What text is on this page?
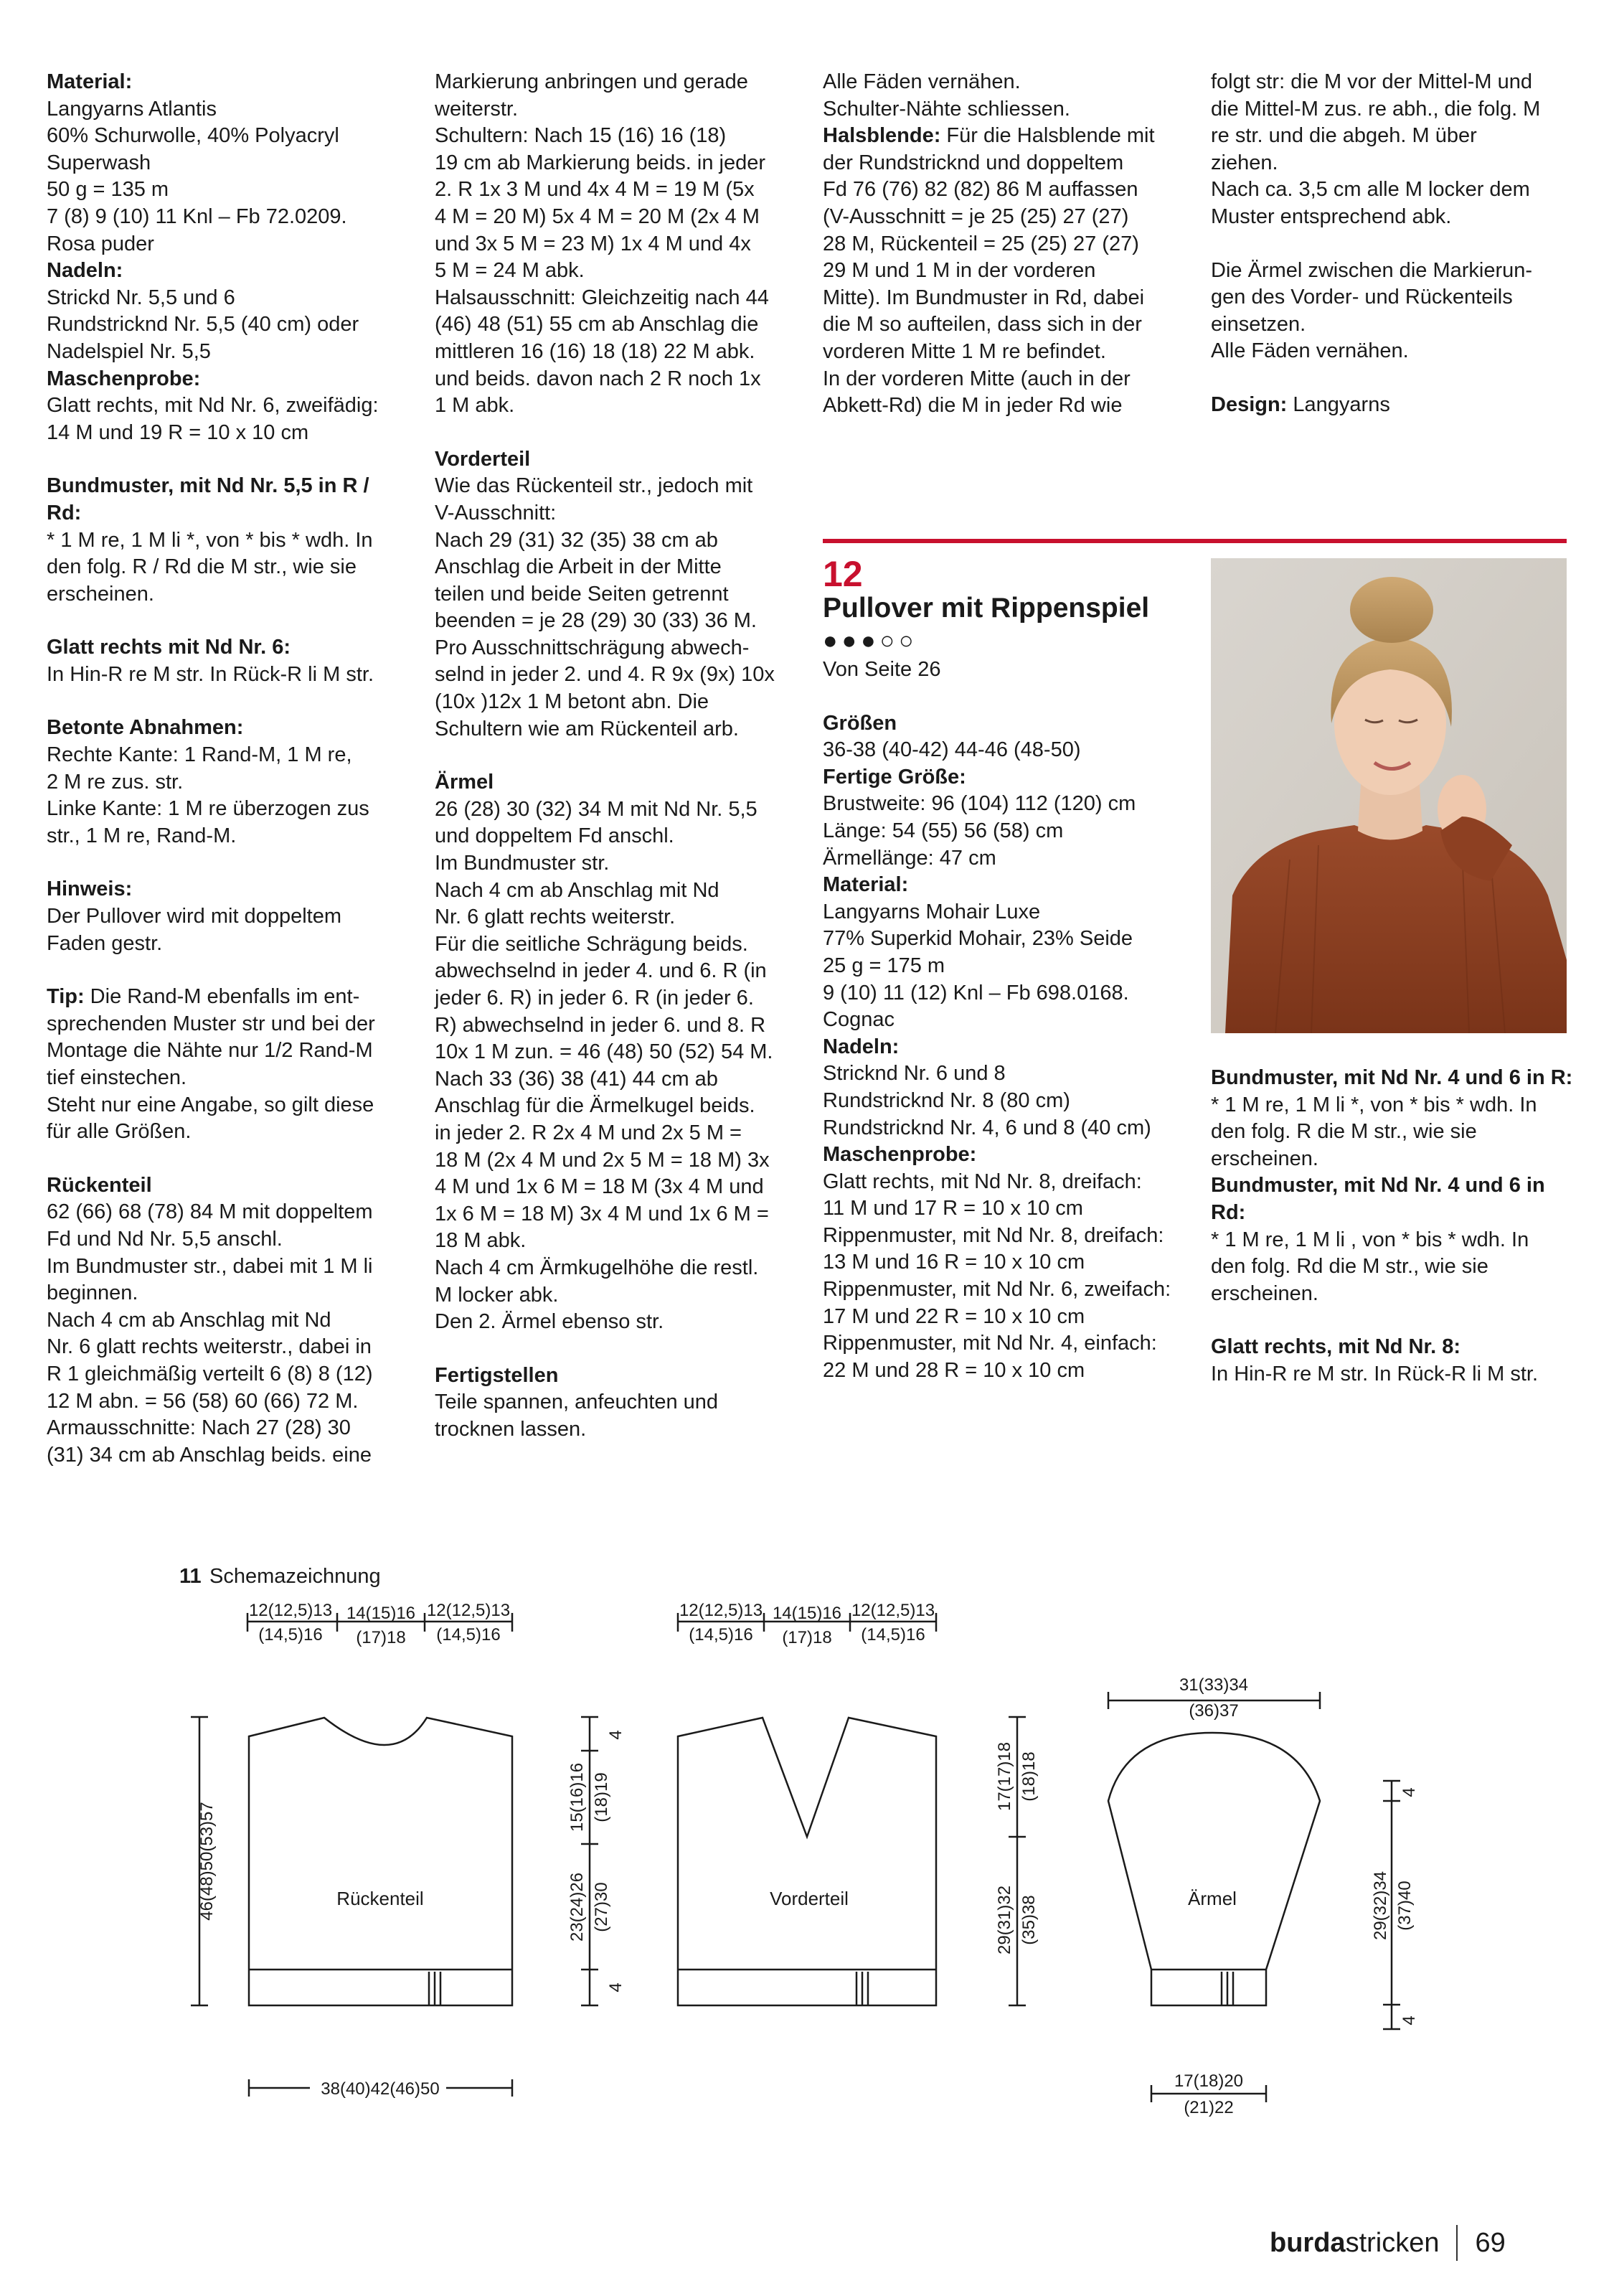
Material:

Langyarns Atlantis

60% Schurwolle, 40% Polyacryl

Superwash

50 g = 135 m

7 (8) 9 (10) 11 Knl – Fb 72.0209.

Rosa puder

Nadeln:

Strickd Nr. 5,5 und 6

Rundstricknd Nr. 5,5 (40 cm) oder

Nadelspiel Nr. 5,5

Maschenprobe:

Glatt rechts, mit Nd Nr. 6, zweifädig:

14 M und 19 R = 10 x 10 cm

Bundmuster, mit Nd Nr. 5,5 in R /

Rd:

* 1 M re, 1 M li *, von * bis * wdh. In

den folg. R / Rd die M str., wie sie

erscheinen.

Glatt rechts mit Nd Nr. 6:

In Hin-R re M str. In Rück-R li M str.

Betonte Abnahmen:

Rechte Kante: 1 Rand-M, 1 M re,

2 M re zus. str.

Linke Kante: 1 M re überzogen zus

str., 1 M re, Rand-M.

Hinweis:

Der Pullover wird mit doppeltem

Faden gestr.

Tip: Die Rand-M ebenfalls im ent-

sprechenden Muster str und bei der

Montage die Nähte nur 1/2 Rand-M

tief einstechen.

Steht nur eine Angabe, so gilt diese

für alle Größen.

Rückenteil

62 (66) 68 (78) 84 M mit doppeltem

Fd und Nd Nr. 5,5 anschl.

Im Bundmuster str., dabei mit 1 M li

beginnen.

Nach 4 cm ab Anschlag mit Nd

Nr. 6 glatt rechts weiterstr., dabei in

R 1 gleichmäßig verteilt 6 (8) 8 (12)

12 M abn. = 56 (58) 60 (66) 72 M.

Armausschnitte: Nach 27 (28) 30

(31) 34 cm ab Anschlag beids. eine

Markierung anbringen und gerade

weiterstr.

Schultern: Nach 15 (16) 16 (18)

19 cm ab Markierung beids. in jeder

2. R 1x 3 M und 4x 4 M = 19 M (5x

4 M = 20 M) 5x 4 M = 20 M (2x 4 M

und 3x 5 M = 23 M) 1x 4 M und 4x

5 M = 24 M abk.

Halsausschnitt: Gleichzeitig nach 44

(46) 48 (51) 55 cm ab Anschlag die

mittleren 16 (16) 18 (18) 22 M abk.

und beids. davon nach 2 R noch 1x

1 M abk.

Vorderteil

Wie das Rückenteil str., jedoch mit

V-Ausschnitt:

Nach 29 (31) 32 (35) 38 cm ab

Anschlag die Arbeit in der Mitte

teilen und beide Seiten getrennt

beenden = je 28 (29) 30 (33) 36 M.

Pro Ausschnittschrägung abwech-

selnd in jeder 2. und 4. R 9x (9x) 10x

(10x )12x 1 M betont abn. Die

Schultern wie am Rückenteil arb.

Ärmel

26 (28) 30 (32) 34 M mit Nd Nr. 5,5

und doppeltem Fd anschl.

Im Bundmuster str.

Nach 4 cm ab Anschlag mit Nd

Nr. 6 glatt rechts weiterstr.

Für die seitliche Schrägung beids.

abwechselnd in jeder 4. und 6. R (in

jeder 6. R) in jeder 6. R (in jeder 6.

R) abwechselnd in jeder 6. und 8. R

10x 1 M zun. = 46 (48) 50 (52) 54 M.

Nach 33 (36) 38 (41) 44 cm ab

Anschlag für die Ärmelkugel beids.

in jeder 2. R 2x 4 M und 2x 5 M =

18 M (2x 4 M und 2x 5 M = 18 M) 3x

4 M und 1x 6 M = 18 M (3x 4 M und

1x 6 M = 18 M) 3x 4 M und 1x 6 M =

18 M abk.

Nach 4 cm Ärmkugelhöhe die restl.

M locker abk.

Den 2. Ärmel ebenso str.

Fertigstellen

Teile spannen, anfeuchten und

trocknen lassen.

Alle Fäden vernähen.

Schulter-Nähte schliessen.

Halsblende: Für die Halsblende mit

der Rundstricknd und doppeltem

Fd 76 (76) 82 (82) 86 M auffassen

(V-Ausschnitt = je 25 (25) 27 (27)

28 M, Rückenteil = 25 (25) 27 (27)

29 M und 1 M in der vorderen

Mitte). Im Bundmuster in Rd, dabei

die M so aufteilen, dass sich in der

vorderen Mitte 1 M re befindet.

In der vorderen Mitte (auch in der

Abkett-Rd) die M in jeder Rd wie

folgt str: die M vor der Mittel-M und

die Mittel-M zus. re abh., die folg. M

re str. und die abgeh. M über

ziehen.

Nach ca. 3,5 cm alle M locker dem

Muster entsprechend abk.

Die Ärmel zwischen die Markierun-

gen des Vorder- und Rückenteils

einsetzen.

Alle Fäden vernähen.

Design: Langyarns

12

Pullover mit Rippenspiel

●●●○○

Von Seite 26

Größen

36-38 (40-42) 44-46 (48-50)

Fertige Größe:

Brustweite: 96 (104) 112 (120) cm

Länge: 54 (55) 56 (58) cm

Ärmellänge: 47 cm

Material:

Langyarns Mohair Luxe

77% Superkid Mohair, 23% Seide

25 g = 175 m

9 (10) 11 (12) Knl – Fb 698.0168.

Cognac

Nadeln:

Stricknd Nr. 6 und 8

Rundstricknd Nr. 8 (80 cm)

Rundstricknd Nr. 4, 6 und 8 (40 cm)

Maschenprobe:

Glatt rechts, mit Nd Nr. 8, dreifach:

11 M und 17 R = 10 x 10 cm

Rippenmuster, mit Nd Nr. 8, dreifach:

13 M und 16 R = 10 x 10 cm

Rippenmuster, mit Nd Nr. 6, zweifach:

17 M und 22 R = 10 x 10 cm

Rippenmuster, mit Nd Nr. 4, einfach:

22 M und 28 R = 10 x 10 cm

Bundmuster, mit Nd Nr. 4 und 6 in R:

* 1 M re, 1 M li *, von * bis * wdh. In

den folg. R die M str., wie sie

erscheinen.

Bundmuster, mit Nd Nr. 4 und 6 in Rd:

* 1 M re, 1 M li , von * bis * wdh. In

den folg. Rd die M str., wie sie

erscheinen.

Glatt rechts, mit Nd Nr. 8:

In Hin-R re M str. In Rück-R li M str.

11 Schemazeichnung
Rückenteil
12(12,5)13
(14,5)16
14(15)16
(17)18
12(12,5)13
(14,5)16
46(48)50(53)57
38(40)42(46)50
4
15(16)16 (18)19
23(24)26 (27)30
4
Vorderteil
12(12,5)13
(14,5)16
14(15)16
(17)18
12(12,5)13
(14,5)16
17(17)18 (18)18
29(31)32 (35)38	Ärmel
31(33)34
(36)37
4
29(32)34 (37)40
4
17(18)20
(21)22
burdastricken 69
